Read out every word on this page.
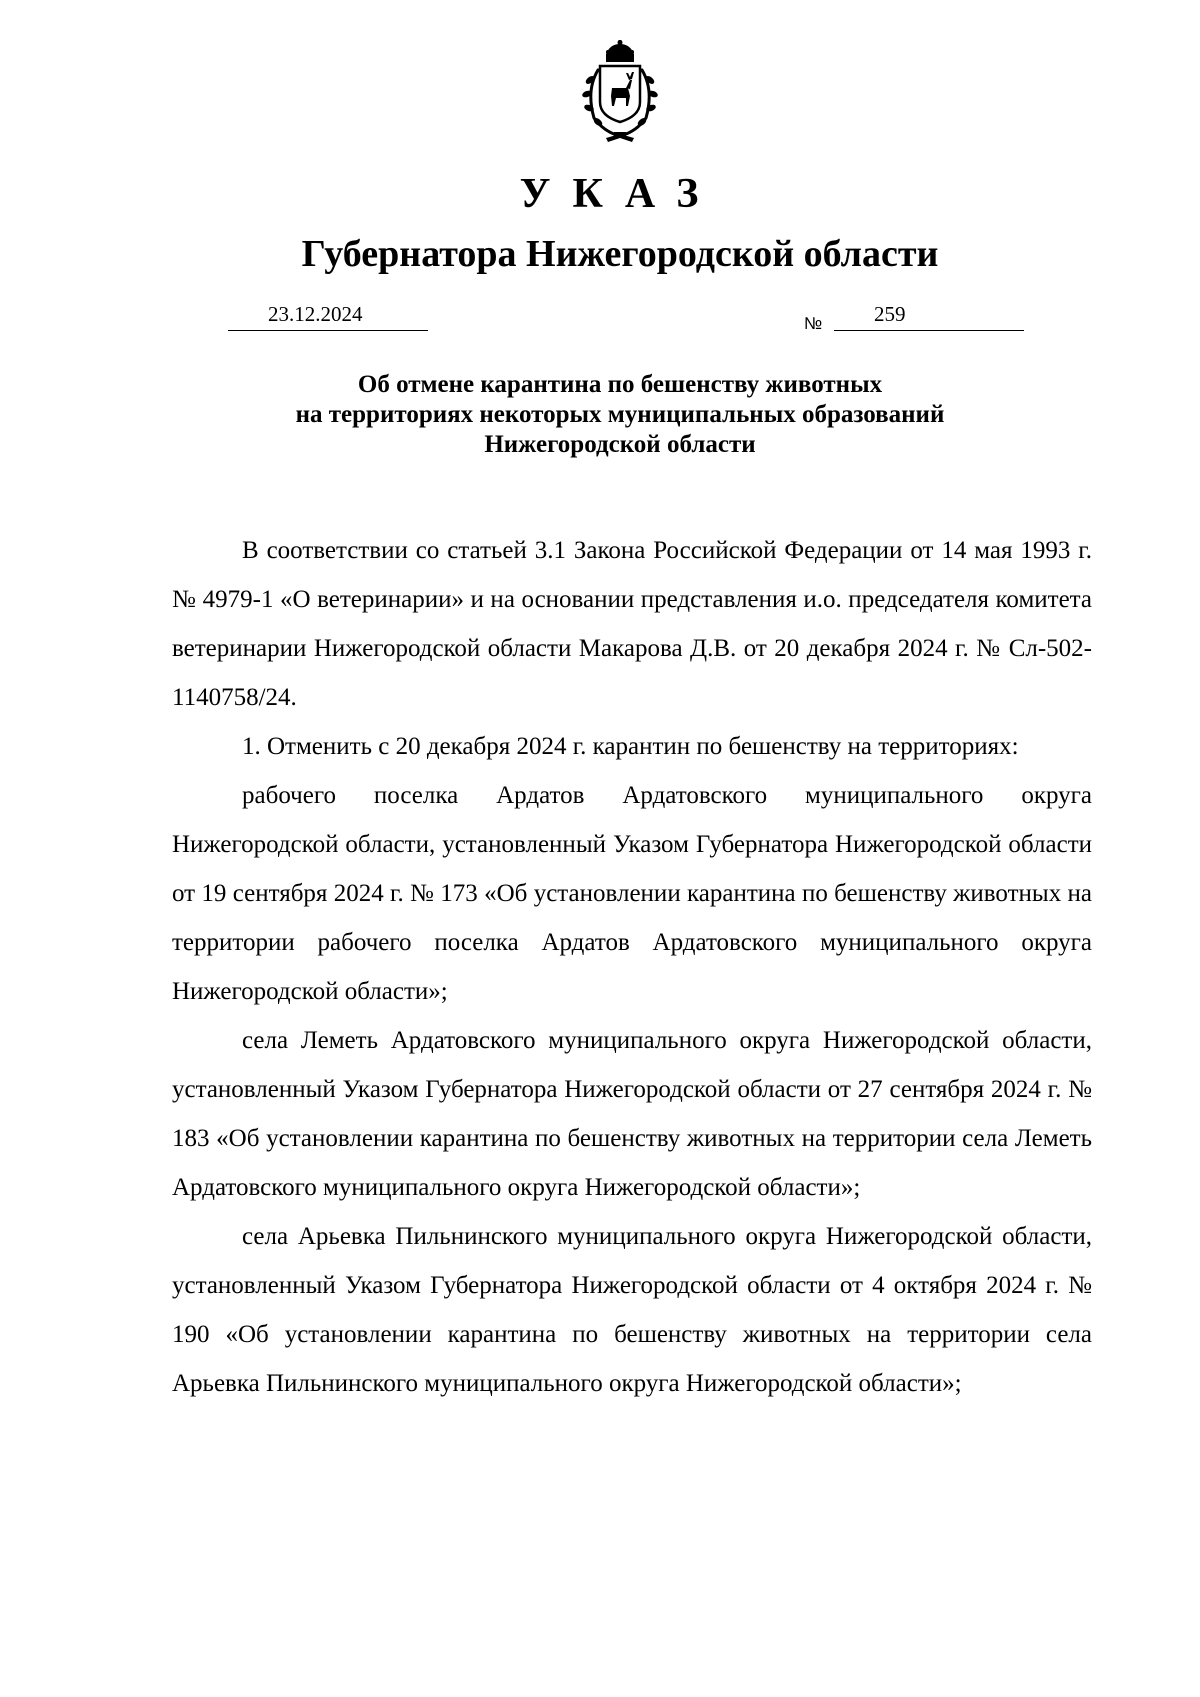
УКАЗ
Губернатора Нижегородской области
23.12.2024	№ 259
Об отмене карантина по бешенству животных
на территориях некоторых муниципальных образований
Нижегородской области

В соответствии со статьей 3.1 Закона Российской Федерации от 14 мая 1993 г. № 4979-1 «О ветеринарии» и на основании представления и.о. председателя комитета ветеринарии Нижегородской области Макарова Д.В. от 20 декабря 2024 г. № Сл-502-1140758/24.

1. Отменить с 20 декабря 2024 г. карантин по бешенству на территориях:

рабочего поселка Ардатов Ардатовского муниципального округа Нижегородской области, установленный Указом Губернатора Нижегородской области от 19 сентября 2024 г. № 173 «Об установлении карантина по бешенству животных на территории рабочего поселка Ардатов Ардатовского муниципального округа Нижегородской области»;

села Леметь Ардатовского муниципального округа Нижегородской области, установленный Указом Губернатора Нижегородской области от 27 сентября 2024 г. № 183 «Об установлении карантина по бешенству животных на территории села Леметь Ардатовского муниципального округа Нижегородской области»;

села Арьевка Пильнинского муниципального округа Нижегородской области, установленный Указом Губернатора Нижегородской области от 4 октября 2024 г. № 190 «Об установлении карантина по бешенству животных на территории села Арьевка Пильнинского муниципального округа Нижегородской области»;
